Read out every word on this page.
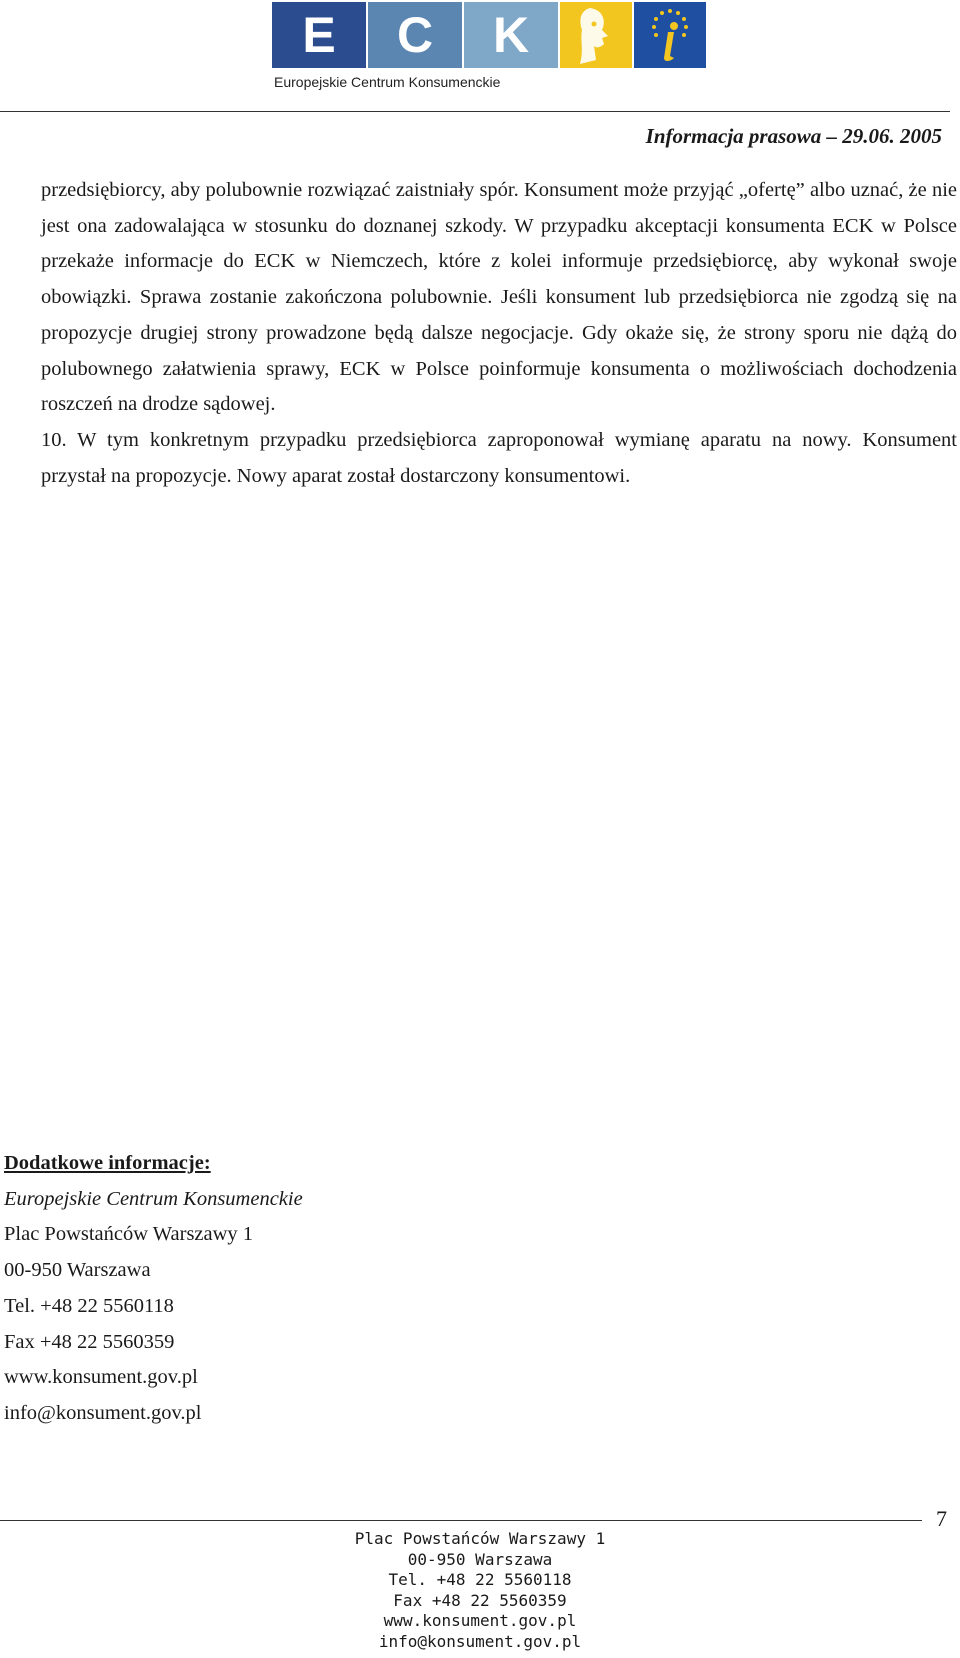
E	C	K
Europejskie Centrum Konsumenckie
Informacja prasowa – 29.06. 2005

przedsiębiorcy, aby polubownie rozwiązać zaistniały spór. Konsument może przyjąć „ofertę” albo uznać, że nie jest ona zadowalająca w stosunku do doznanej szkody. W przypadku akceptacji konsumenta ECK w Polsce przekaże informacje do ECK w Niemczech, które z kolei informuje przedsiębiorcę, aby wykonał swoje obowiązki. Sprawa zostanie zakończona polubownie. Jeśli konsument lub przedsiębiorca nie zgodzą się na propozycje drugiej strony prowadzone będą dalsze negocjacje. Gdy okaże się, że strony sporu nie dążą do polubownego załatwienia sprawy, ECK w Polsce poinformuje konsumenta o możliwościach dochodzenia roszczeń na drodze sądowej.

10. W tym konkretnym przypadku przedsiębiorca zaproponował wymianę aparatu na nowy. Konsument przystał na propozycje. Nowy aparat został dostarczony konsumentowi.

Dodatkowe informacje:
Europejskie Centrum Konsumenckie
Plac Powstańców Warszawy 1
00-950 Warszawa
Tel. +48 22 5560118
Fax +48 22 5560359
www.konsument.gov.pl
info@konsument.gov.pl
7
Plac Powstańców Warszawy 1
00-950 Warszawa
Tel. +48 22 5560118
Fax +48 22 5560359
www.konsument.gov.pl
info@konsument.gov.pl
